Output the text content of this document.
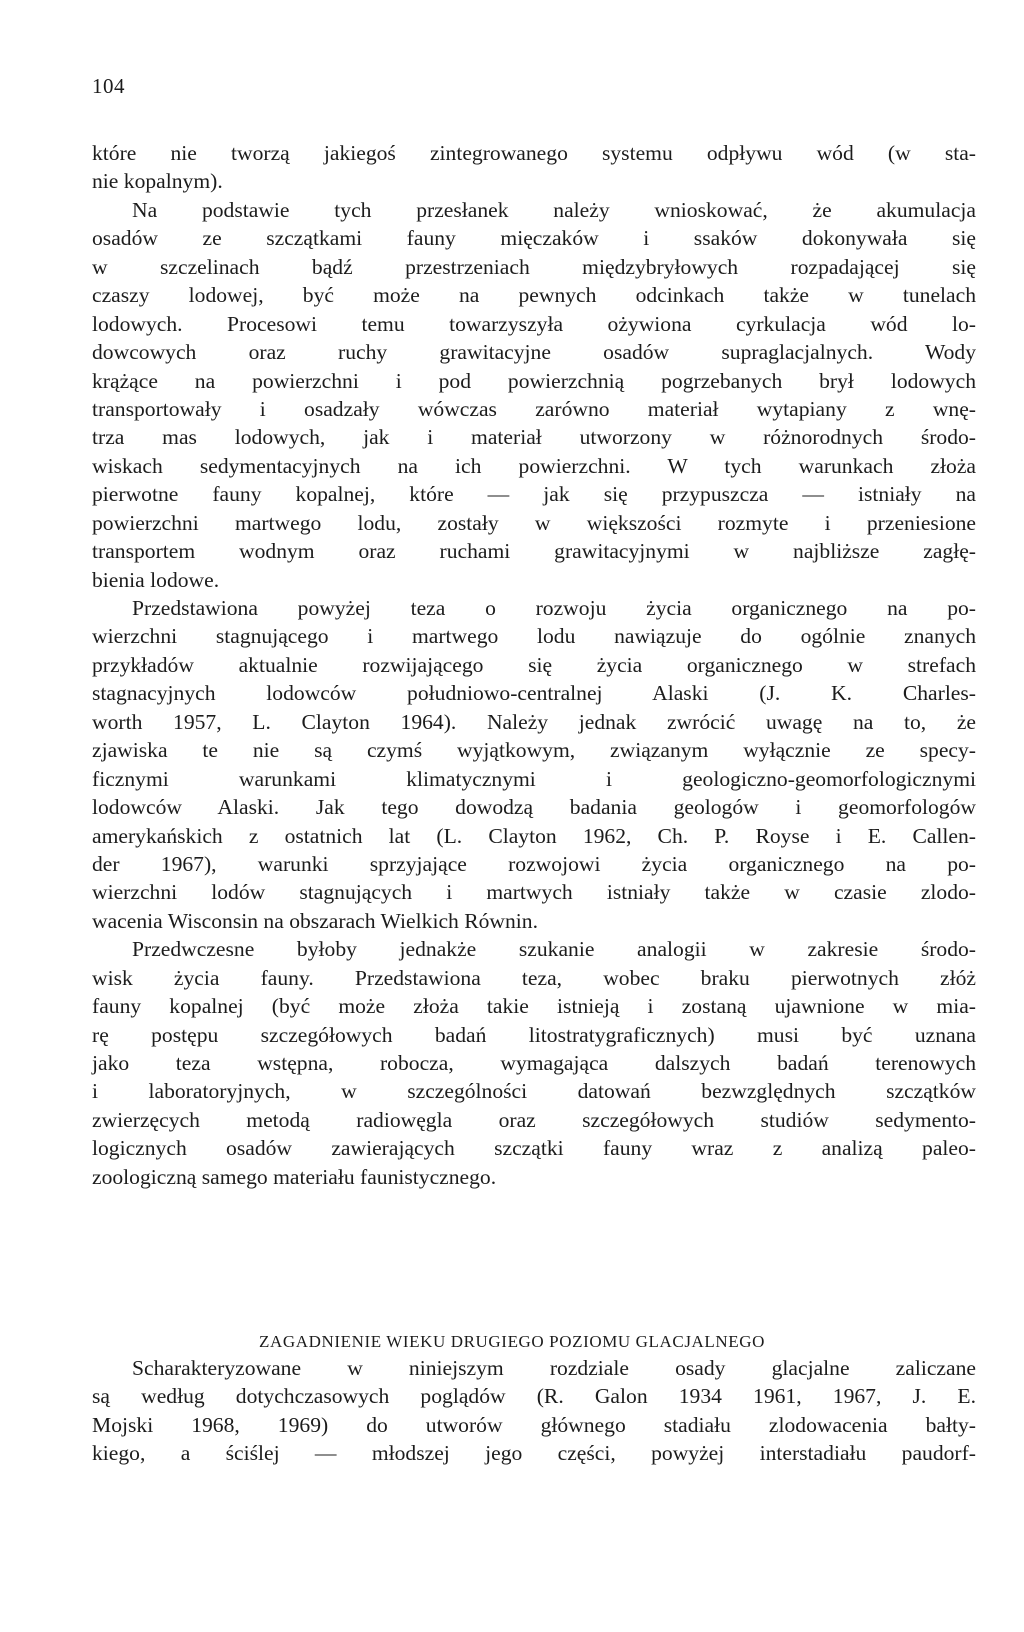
104
które nie tworzą jakiegoś zintegrowanego systemu odpływu wód (w sta-
nie kopalnym).
Na podstawie tych przesłanek należy wnioskować, że akumulacja
osadów ze szczątkami fauny mięczaków i ssaków dokonywała się
w szczelinach bądź przestrzeniach międzybryłowych rozpadającej się
czaszy lodowej, być może na pewnych odcinkach także w tunelach
lodowych. Procesowi temu towarzyszyła ożywiona cyrkulacja wód lo-
dowcowych oraz ruchy grawitacyjne osadów supraglacjalnych. Wody
krążące na powierzchni i pod powierzchnią pogrzebanych brył lodowych
transportowały i osadzały wówczas zarówno materiał wytapiany z wnę-
trza mas lodowych, jak i materiał utworzony w różnorodnych środo-
wiskach sedymentacyjnych na ich powierzchni. W tych warunkach złoża
pierwotne fauny kopalnej, które — jak się przypuszcza — istniały na
powierzchni martwego lodu, zostały w większości rozmyte i przeniesione
transportem wodnym oraz ruchami grawitacyjnymi w najbliższe zagłę-
bienia lodowe.
Przedstawiona powyżej teza o rozwoju życia organicznego na po-
wierzchni stagnującego i martwego lodu nawiązuje do ogólnie znanych
przykładów aktualnie rozwijającego się życia organicznego w strefach
stagnacyjnych lodowców południowo-centralnej Alaski (J. K. Charles-
worth 1957, L. Clayton 1964). Należy jednak zwrócić uwagę na to, że
zjawiska te nie są czymś wyjątkowym, związanym wyłącznie ze specy-
ficznymi warunkami klimatycznymi i geologiczno-geomorfologicznymi
lodowców Alaski. Jak tego dowodzą badania geologów i geomorfologów
amerykańskich z ostatnich lat (L. Clayton 1962, Ch. P. Royse i E. Callen-
der 1967), warunki sprzyjające rozwojowi życia organicznego na po-
wierzchni lodów stagnujących i martwych istniały także w czasie zlodo-
wacenia Wisconsin na obszarach Wielkich Równin.
Przedwczesne byłoby jednakże szukanie analogii w zakresie środo-
wisk życia fauny. Przedstawiona teza, wobec braku pierwotnych złóż
fauny kopalnej (być może złoża takie istnieją i zostaną ujawnione w mia-
rę postępu szczegółowych badań litostratygraficznych) musi być uznana
jako teza wstępna, robocza, wymagająca dalszych badań terenowych
i laboratoryjnych, w szczególności datowań bezwzględnych szczątków
zwierzęcych metodą radiowęgla oraz szczegółowych studiów sedymento-
logicznych osadów zawierających szczątki fauny wraz z analizą paleo-
zoologiczną samego materiału faunistycznego.
ZAGADNIENIE WIEKU DRUGIEGO POZIOMU GLACJALNEGO
Scharakteryzowane w niniejszym rozdziale osady glacjalne zaliczane
są według dotychczasowych poglądów (R. Galon 1934 1961, 1967, J. E.
Mojski 1968, 1969) do utworów głównego stadiału zlodowacenia bałty-
kiego, a ściślej — młodszej jego części, powyżej interstadiału paudorf-
